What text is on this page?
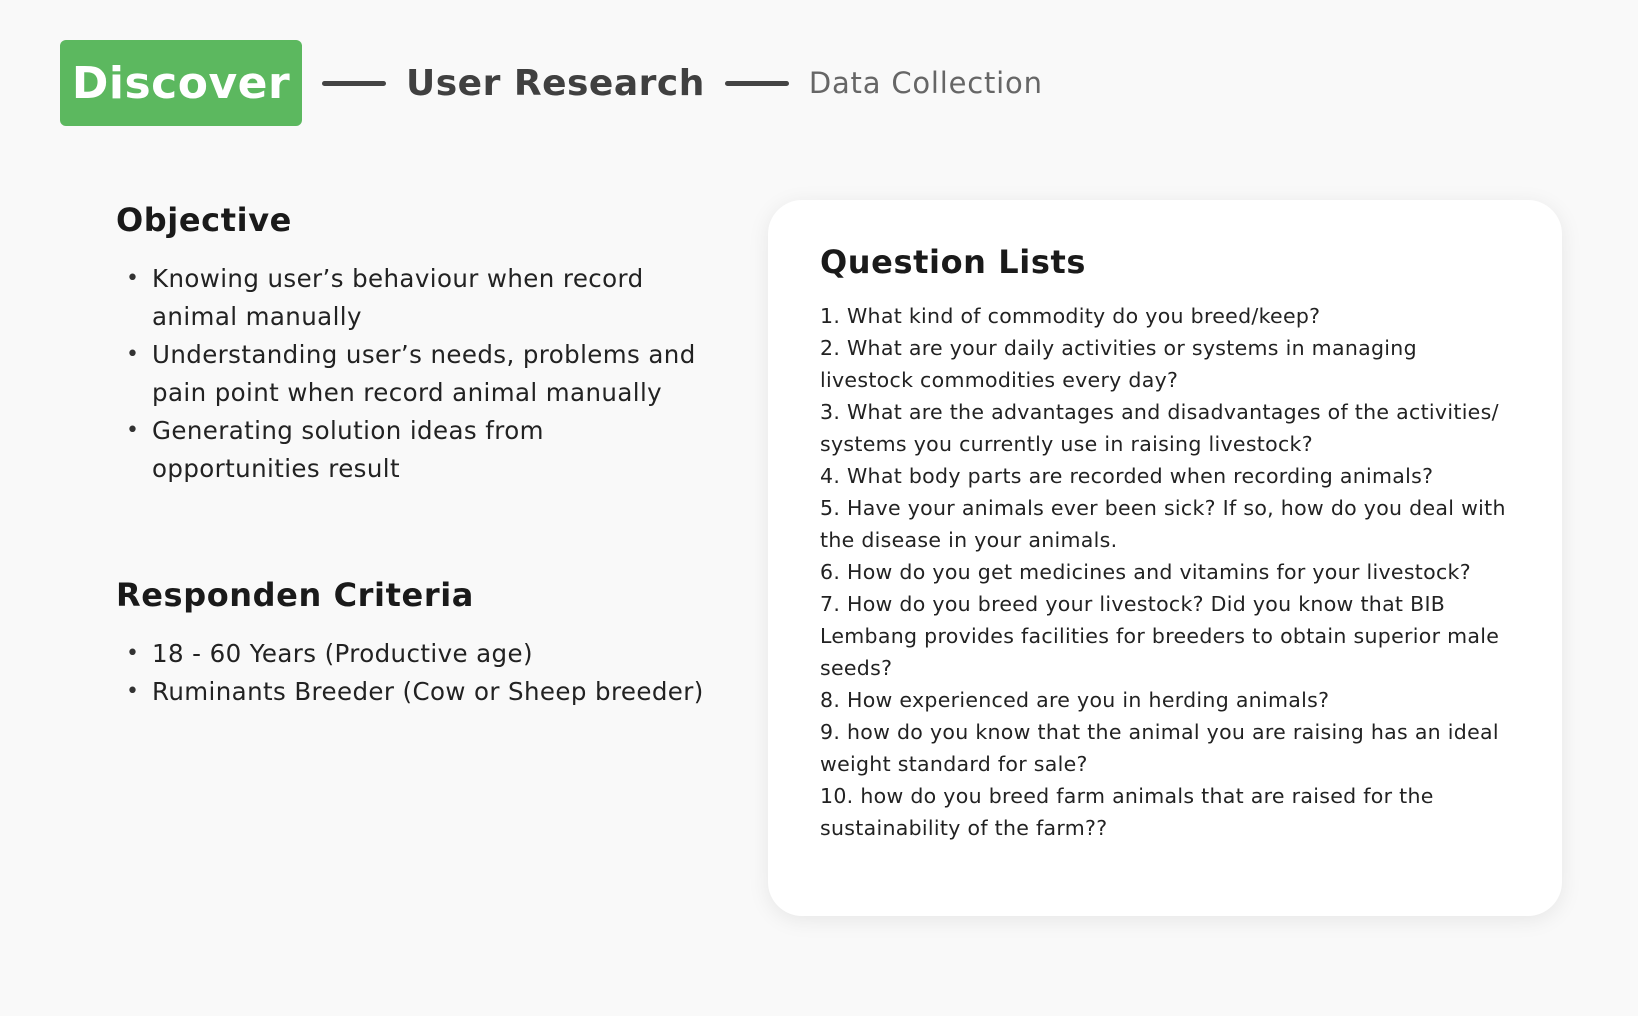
Discover	User Research	Data Collection
Objective
• Knowing user’s behaviour when record animal manually
• Understanding user’s needs, problems and pain point when record animal manually
• Generating solution ideas from opportunities result
Responden Criteria
• 18 - 60 Years (Productive age)
• Ruminants Breeder (Cow or Sheep breeder)
Question Lists
1. What kind of commodity do you breed/keep?
2. What are your daily activities or systems in managing livestock commodities every day?
3. What are the advantages and disadvantages of the activities/ systems you currently use in raising livestock?
4. What body parts are recorded when recording animals?
5. Have your animals ever been sick? If so, how do you deal with the disease in your animals.
6. How do you get medicines and vitamins for your livestock?
7. How do you breed your livestock? Did you know that BIB Lembang provides facilities for breeders to obtain superior male seeds?
8. How experienced are you in herding animals?
9. how do you know that the animal you are raising has an ideal weight standard for sale?
10. how do you breed farm animals that are raised for the sustainability of the farm??
